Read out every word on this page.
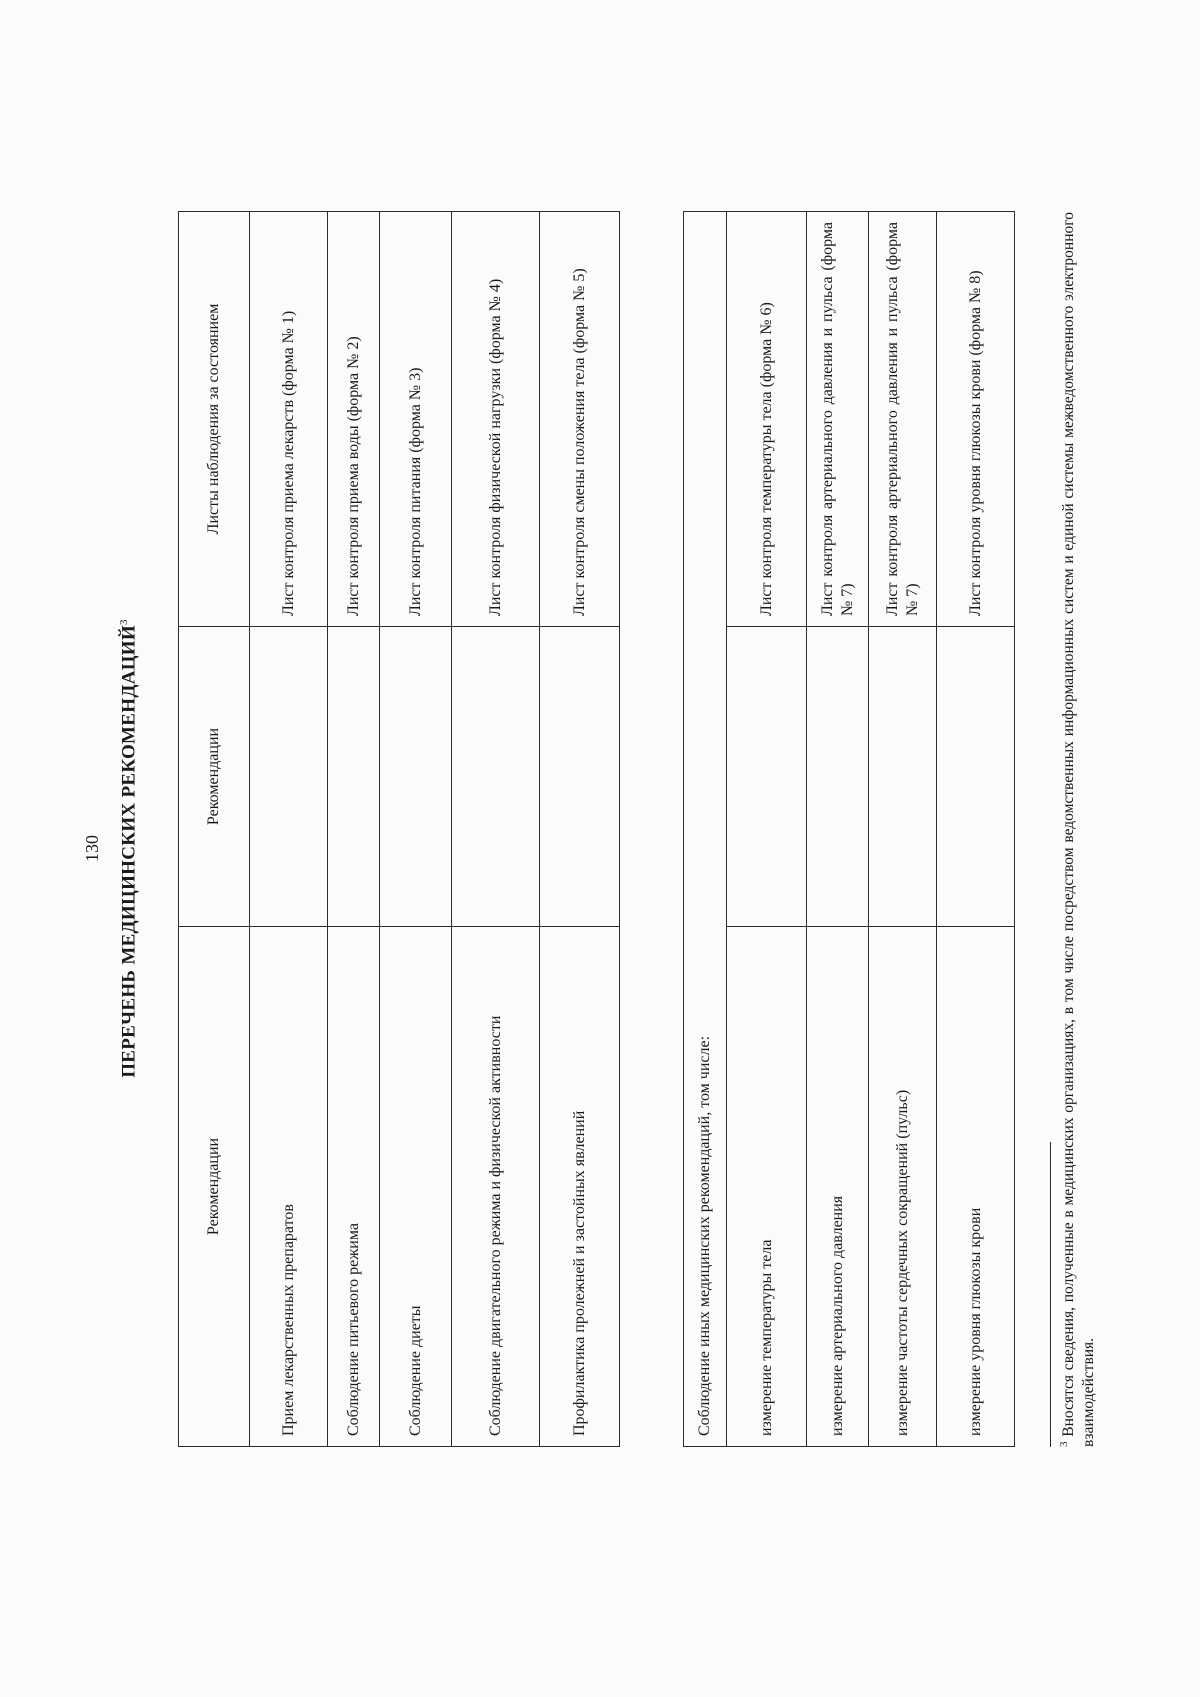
130 ПЕРЕЧЕНЬ МЕДИЦИНСКИХ РЕКОМЕНДАЦИЙ$^3$
Рекомендации	Рекомендации	Листы наблюдения за состоянием
Прием лекарственных препаратов		Лист контроля приема лекарств (форма № 1)
Соблюдение питьевого режима		Лист контроля приема воды (форма № 2)
Соблюдение диеты		Лист контроля питания (форма № 3)
Соблюдение двигательного режима и физической активности		Лист контроля физической нагрузки (форма № 4)
Профилактика пролежней и застойных явлений		Лист контроля смены положения тела (форма № 5)
Соблюдение иных медицинских рекомендаций, том числе:		
измерение температуры тела		Лист контроля температуры тела (форма № 6)
измерение артериального давления		Лист контроля артериального давления и пульса (форма № 7)
измерение частоты сердечных сокращений (пульс)		Лист контроля артериального давления и пульса (форма № 7)
измерение уровня глюкозы крови		Лист контроля уровня глюкозы крови (форма № 8)
$^3$ Вносятся сведения, полученные в медицинских организациях, в том числе посредством ведомственных информационных систем и единой системы межведомственного электронного взаимодействия.
